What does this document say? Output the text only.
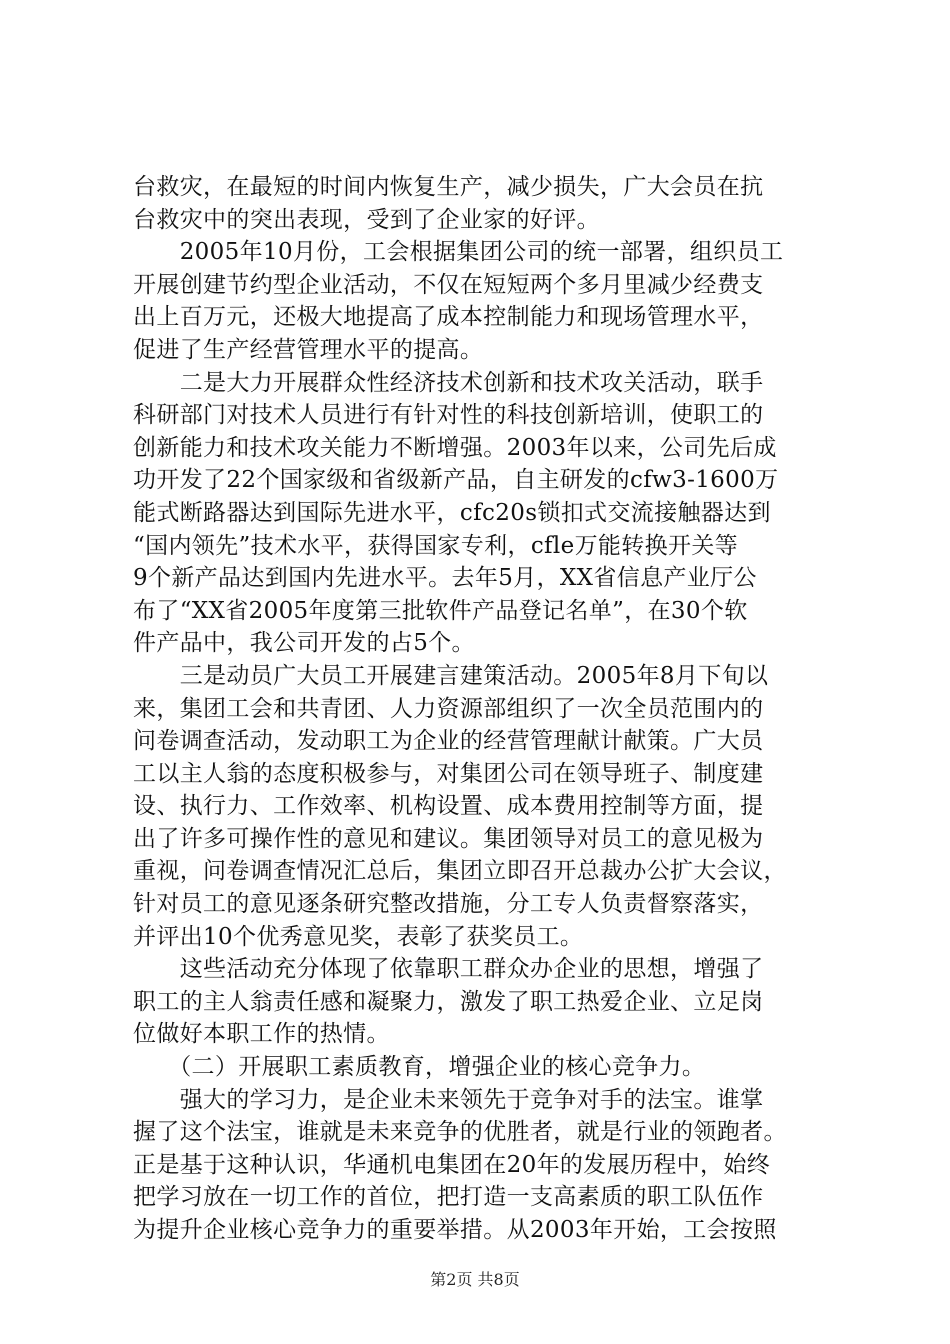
台救灾，在最短的时间内恢复生产，减少损失，广大会员在抗
台救灾中的突出表现，受到了企业家的好评。
　　2005年10月份，工会根据集团公司的统一部署，组织员工
开展创建节约型企业活动，不仅在短短两个多月里减少经费支
出上百万元，还极大地提高了成本控制能力和现场管理水平，
促进了生产经营管理水平的提高。
　　二是大力开展群众性经济技术创新和技术攻关活动，联手
科研部门对技术人员进行有针对性的科技创新培训，使职工的
创新能力和技术攻关能力不断增强。2003年以来，公司先后成
功开发了22个国家级和省级新产品，自主研发的cfw3-1600万
能式断路器达到国际先进水平，cfc20s锁扣式交流接触器达到
“国内领先”技术水平，获得国家专利，cfle万能转换开关等
9个新产品达到国内先进水平。去年5月，XX省信息产业厅公
布了“XX省2005年度第三批软件产品登记名单”，在30个软
件产品中，我公司开发的占5个。
　　三是动员广大员工开展建言建策活动。2005年8月下旬以
来，集团工会和共青团、人力资源部组织了一次全员范围内的
问卷调查活动，发动职工为企业的经营管理献计献策。广大员
工以主人翁的态度积极参与，对集团公司在领导班子、制度建
设、执行力、工作效率、机构设置、成本费用控制等方面，提
出了许多可操作性的意见和建议。集团领导对员工的意见极为
重视，问卷调查情况汇总后，集团立即召开总裁办公扩大会议，
针对员工的意见逐条研究整改措施，分工专人负责督察落实，
并评出10个优秀意见奖，表彰了获奖员工。
　　这些活动充分体现了依靠职工群众办企业的思想，增强了
职工的主人翁责任感和凝聚力，激发了职工热爱企业、立足岗
位做好本职工作的热情。
　　（二）开展职工素质教育，增强企业的核心竞争力。
　　强大的学习力，是企业未来领先于竞争对手的法宝。谁掌
握了这个法宝，谁就是未来竞争的优胜者，就是行业的领跑者。
正是基于这种认识，华通机电集团在20年的发展历程中，始终
把学习放在一切工作的首位，把打造一支高素质的职工队伍作
为提升企业核心竞争力的重要举措。从2003年开始，工会按照
第2页 共8页
